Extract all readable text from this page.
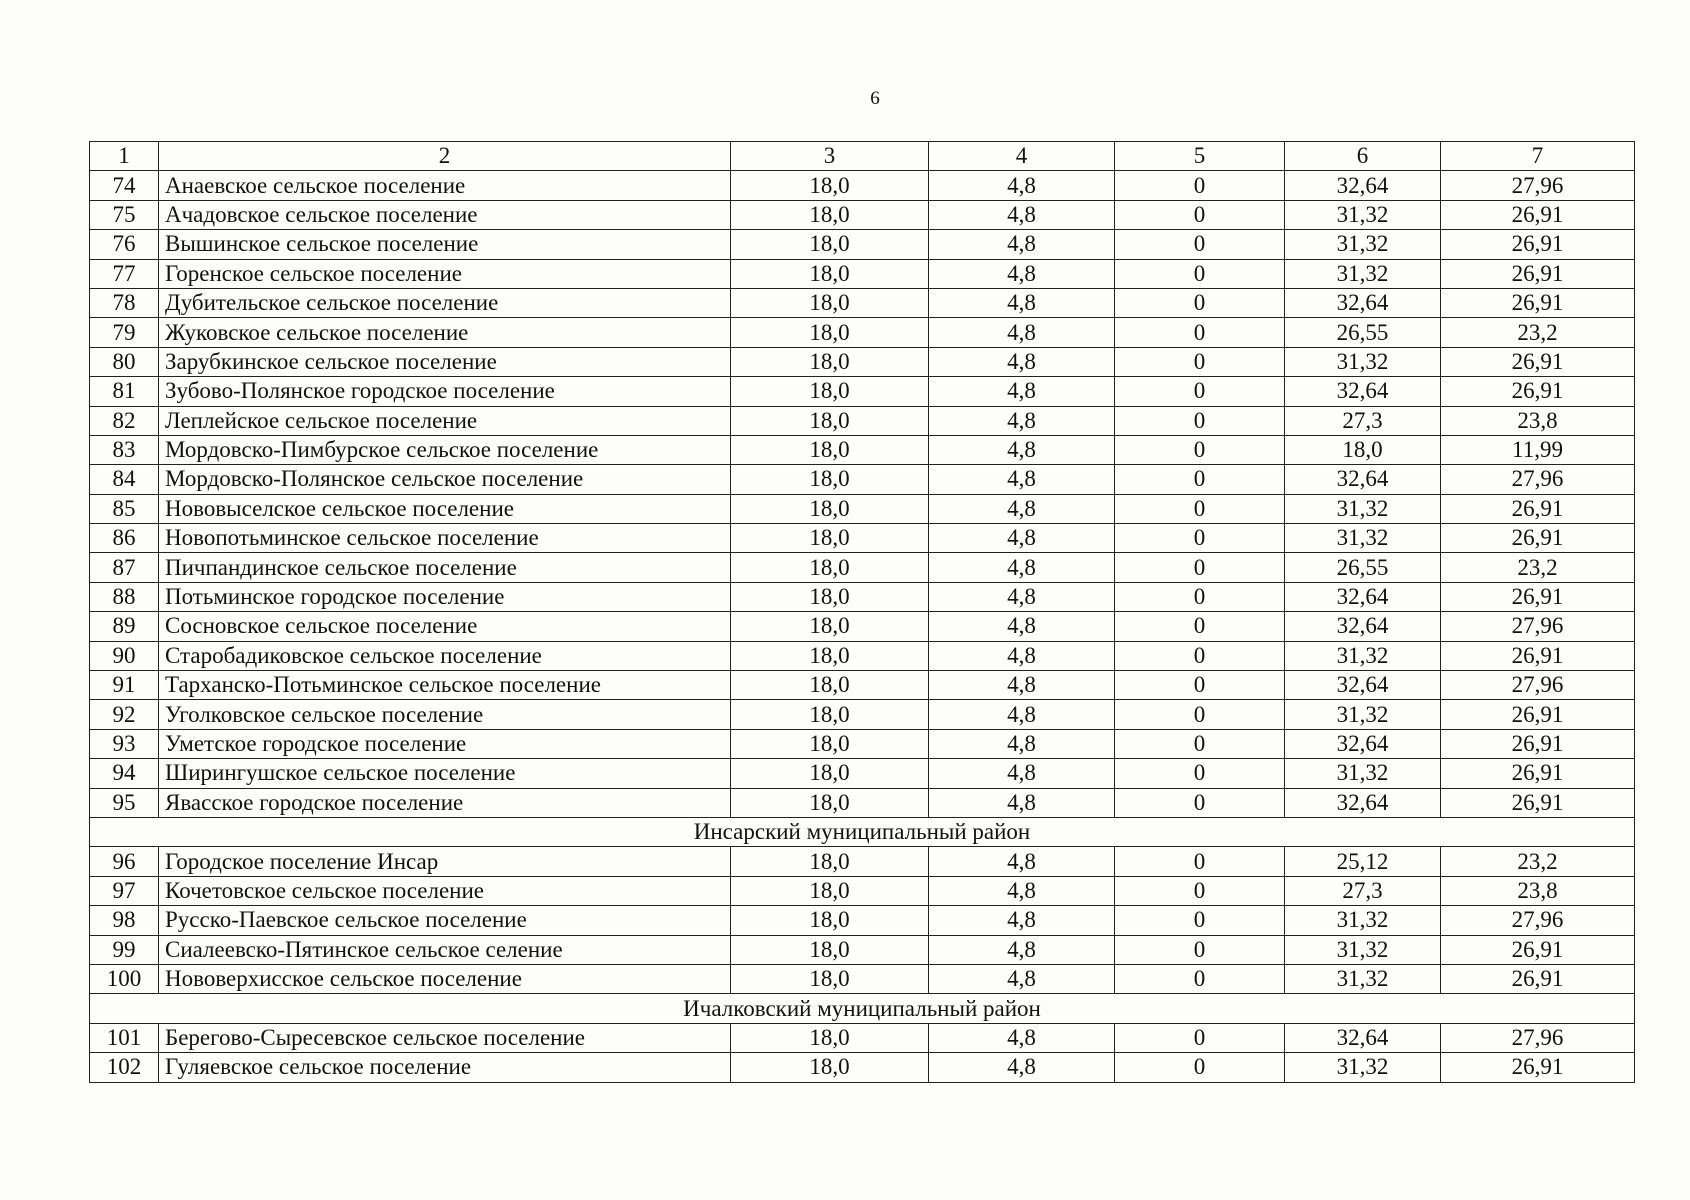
6
1	2	3	4	5	6	7
74	Анаевское сельское поселение	18,0	4,8	0	32,64	27,96
75	Ачадовское сельское поселение	18,0	4,8	0	31,32	26,91
76	Вышинское сельское поселение	18,0	4,8	0	31,32	26,91
77	Горенское сельское поселение	18,0	4,8	0	31,32	26,91
78	Дубительское сельское поселение	18,0	4,8	0	32,64	26,91
79	Жуковское сельское поселение	18,0	4,8	0	26,55	23,2
80	Зарубкинское сельское поселение	18,0	4,8	0	31,32	26,91
81	Зубово-Полянское городское поселение	18,0	4,8	0	32,64	26,91
82	Леплейское сельское поселение	18,0	4,8	0	27,3	23,8
83	Мордовско-Пимбурское сельское поселение	18,0	4,8	0	18,0	11,99
84	Мордовско-Полянское сельское поселение	18,0	4,8	0	32,64	27,96
85	Нововыселское сельское поселение	18,0	4,8	0	31,32	26,91
86	Новопотьминское сельское поселение	18,0	4,8	0	31,32	26,91
87	Пичпандинское сельское поселение	18,0	4,8	0	26,55	23,2
88	Потьминское городское поселение	18,0	4,8	0	32,64	26,91
89	Сосновское сельское поселение	18,0	4,8	0	32,64	27,96
90	Старобадиковское сельское поселение	18,0	4,8	0	31,32	26,91
91	Тарханско-Потьминское сельское поселение	18,0	4,8	0	32,64	27,96
92	Уголковское сельское поселение	18,0	4,8	0	31,32	26,91
93	Уметское городское поселение	18,0	4,8	0	32,64	26,91
94	Ширингушское сельское поселение	18,0	4,8	0	31,32	26,91
95	Явасское городское поселение	18,0	4,8	0	32,64	26,91
Инсарский муниципальный район						
96	Городское поселение Инсар	18,0	4,8	0	25,12	23,2
97	Кочетовское сельское поселение	18,0	4,8	0	27,3	23,8
98	Русско-Паевское сельское поселение	18,0	4,8	0	31,32	27,96
99	Сиалеевско-Пятинское сельское селение	18,0	4,8	0	31,32	26,91
100	Нововерхисское сельское поселение	18,0	4,8	0	31,32	26,91
Ичалковский муниципальный район						
101	Берегово-Сыресевское сельское поселение	18,0	4,8	0	32,64	27,96
102	Гуляевское сельское поселение	18,0	4,8	0	31,32	26,91
